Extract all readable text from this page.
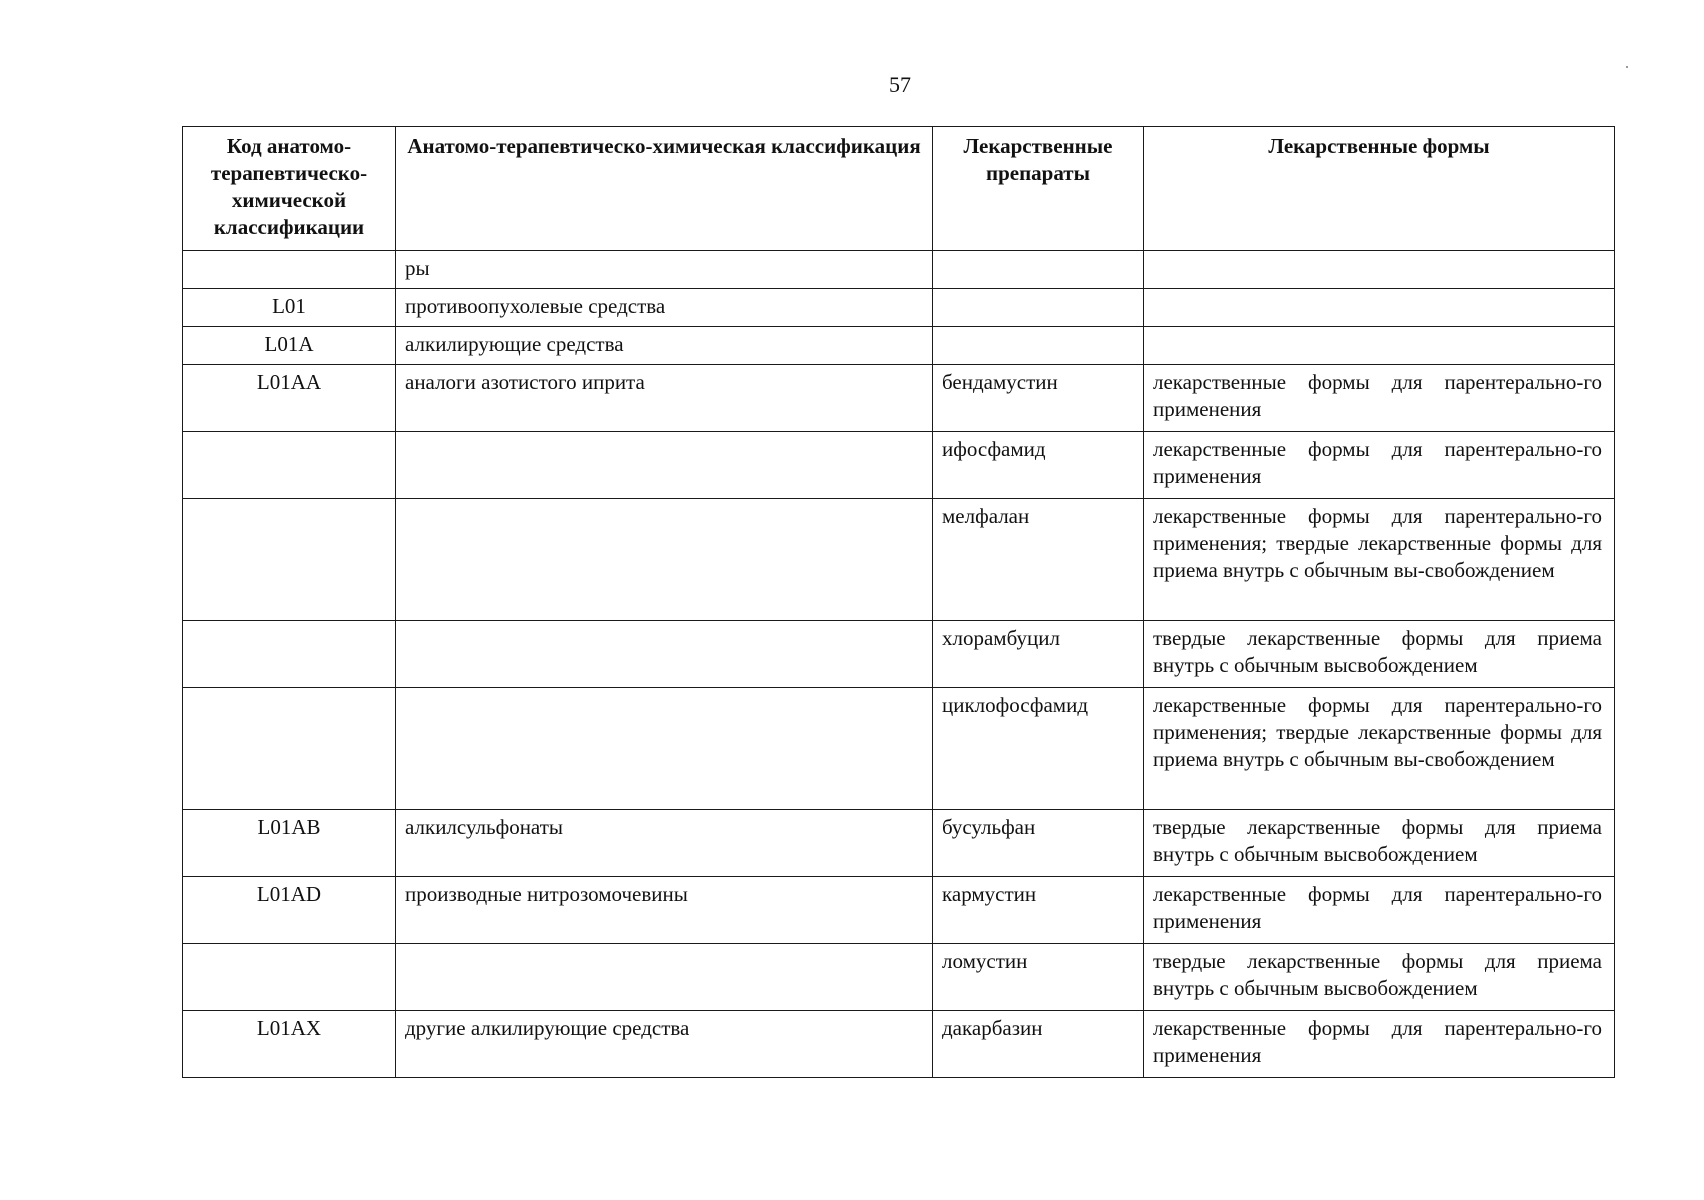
57
Код анатомо-терапевтическо-химической классификации	Анатомо-терапевтическо-химическая классификация	Лекарственные препараты	Лекарственные формы
	ры		
L01	противоопухолевые средства		
L01A	алкилирующие средства		
L01AA	аналоги азотистого иприта	бендамустин	лекарственные формы для парентерально-го применения
		ифосфамид	лекарственные формы для парентерально-го применения
		мелфалан	лекарственные формы для парентерально-го применения; твердые лекарственные формы для приема внутрь с обычным вы-свобождением
		хлорамбуцил	твердые лекарственные формы для приема внутрь с обычным высвобождением
		циклофосфамид	лекарственные формы для парентерально-го применения; твердые лекарственные формы для приема внутрь с обычным вы-свобождением
L01AB	алкилсульфонаты	бусульфан	твердые лекарственные формы для приема внутрь с обычным высвобождением
L01AD	производные нитрозомочевины	кармустин	лекарственные формы для парентерально-го применения
		ломустин	твердые лекарственные формы для приема внутрь с обычным высвобождением
L01AX	другие алкилирующие средства	дакарбазин	лекарственные формы для парентерально-го применения
